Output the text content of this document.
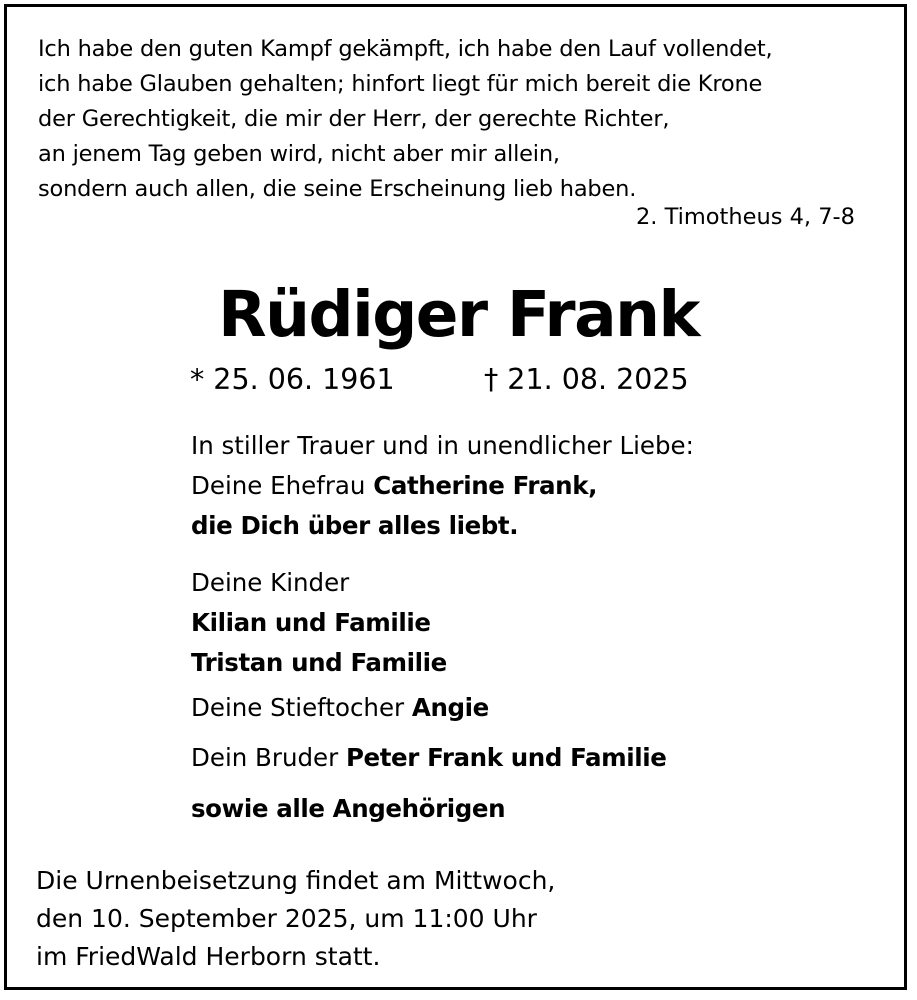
Ich habe den guten Kampf gekämpft, ich habe den Lauf vollendet,
ich habe Glauben gehalten; hinfort liegt für mich bereit die Krone
der Gerechtigkeit, die mir der Herr, der gerechte Richter,
an jenem Tag geben wird, nicht aber mir allein,
sondern auch allen, die seine Erscheinung lieb haben.
2. Timotheus 4, 7-8
Rüdiger Frank
* 25. 06. 1961	† 21. 08. 2025
In stiller Trauer und in unendlicher Liebe:
Deine Ehefrau Catherine Frank,
die Dich über alles liebt.
Deine Kinder
Kilian und Familie
Tristan und Familie
Deine Stieftocher Angie
Dein Bruder Peter Frank und Familie
sowie alle Angehörigen
Die Urnenbeisetzung findet am Mittwoch,
den 10. September 2025, um 11:00 Uhr
im FriedWald Herborn statt.
